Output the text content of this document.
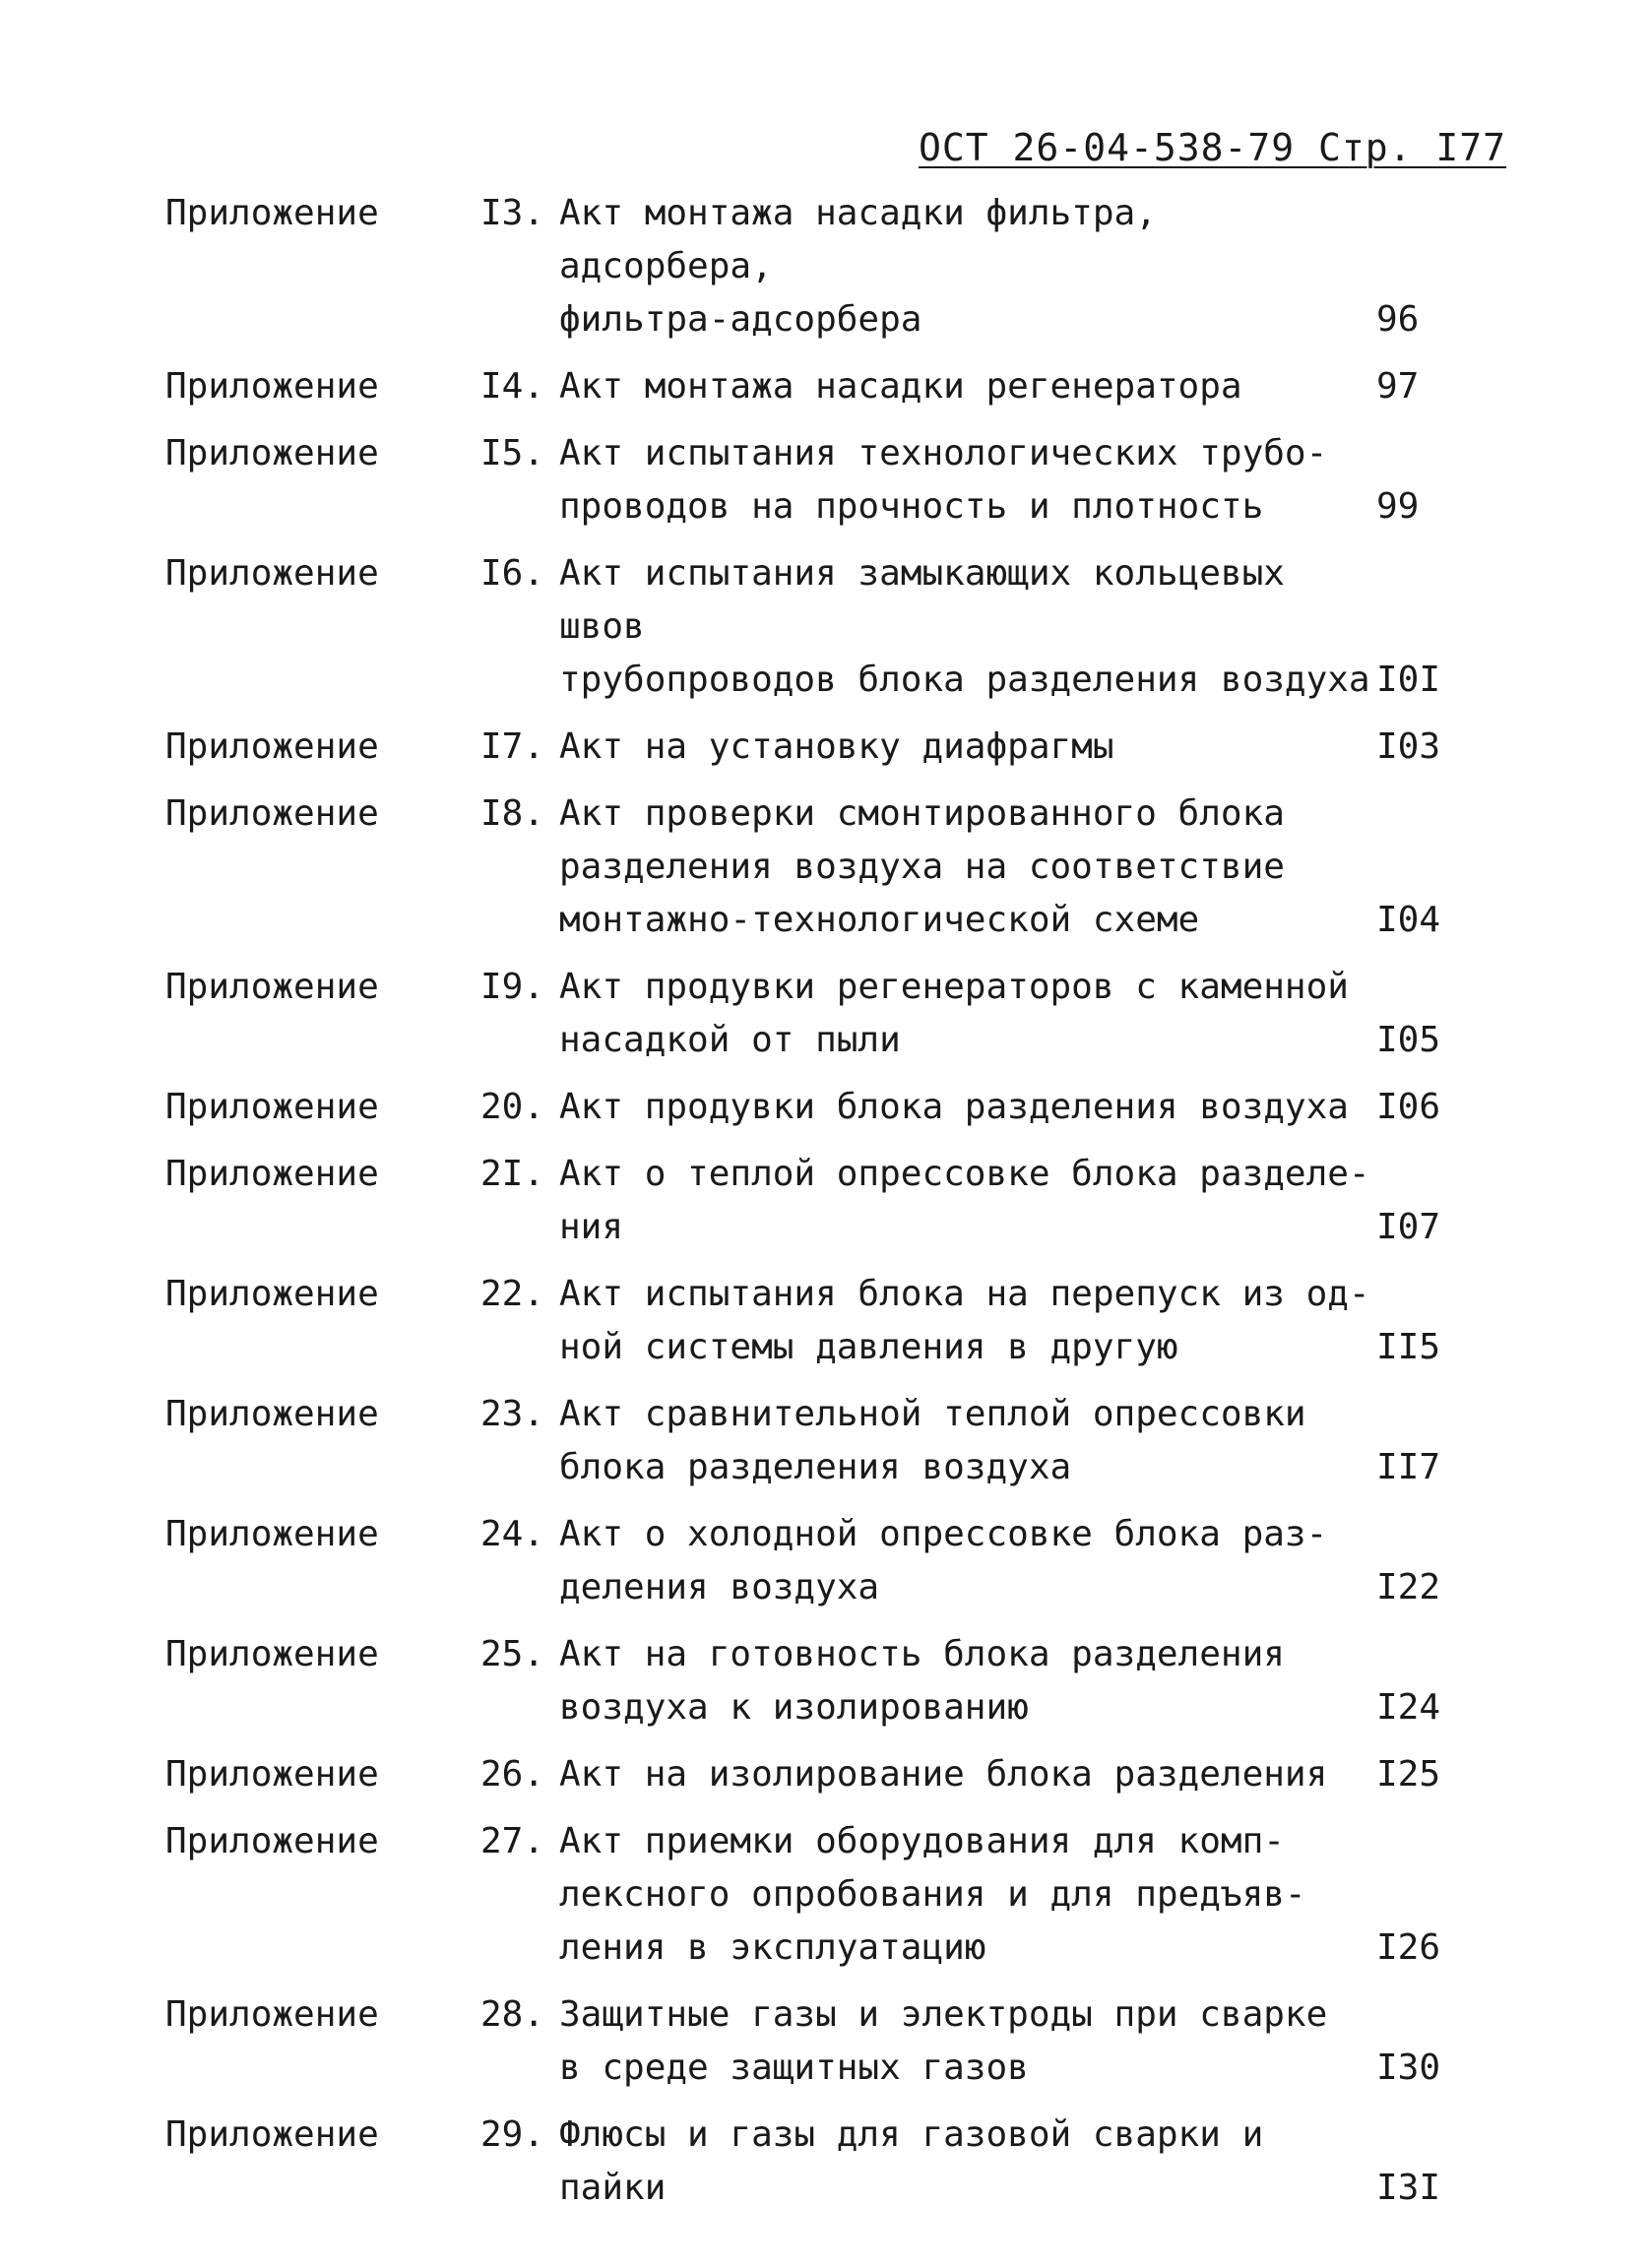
ОСТ 26-04-538-79 Стр. I77
Приложение	I3. Акт монтажа насадки фильтра, адсорбера,
фильтра-адсорбера	96
Приложение	I4. Акт монтажа насадки регенератора	97
Приложение	I5. Акт испытания технологических трубо-
проводов на прочность и плотность	99
Приложение	I6. Акт испытания замыкающих кольцевых швов
трубопроводов блока разделения воздуха I0I
Приложение	I7. Акт на установку диафрагмы	I03
Приложение	I8. Акт проверки смонтированного блока
разделения воздуха на соответствие
монтажно-технологической схеме	I04
Приложение	I9. Акт продувки регенераторов с каменной
насадкой от пыли	I05
Приложение	20. Акт продувки блока разделения воздуха I06
Приложение	2I. Акт о теплой опрессовке блока разделе-
ния	I07
Приложение	22. Акт испытания блока на перепуск из од-
ной системы давления в другую	II5
Приложение	23. Акт сравнительной теплой опрессовки
блока разделения воздуха	II7
Приложение	24. Акт о холодной опрессовке блока раз-
деления воздуха	I22
Приложение	25. Акт на готовность блока разделения
воздуха к изолированию	I24
Приложение	26. Акт на изолирование блока разделения	I25
Приложение	27. Акт приемки оборудования для комп-
лексного опробования и для предъяв-
ления в эксплуатацию	I26
Приложение	28. Защитные газы и электроды при сварке
в среде защитных газов	I30
Приложение	29. Флюсы и газы для газовой сварки и пайки	I3I
